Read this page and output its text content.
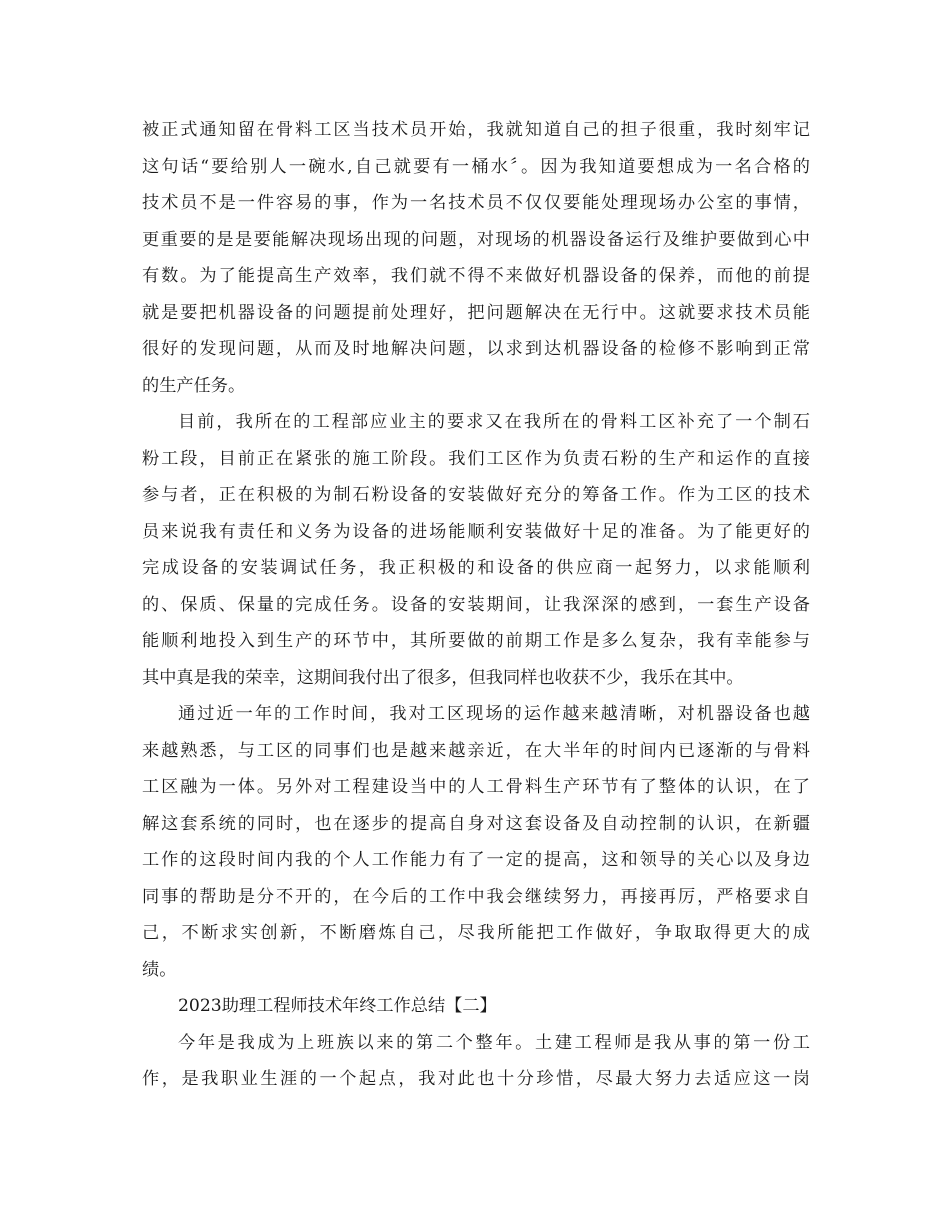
被正式通知留在骨料工区当技术员开始，我就知道自己的担子很重，我时刻牢记
这句话“要给别人一碗水,自己就要有一桶水〞。因为我知道要想成为一名合格的
技术员不是一件容易的事，作为一名技术员不仅仅要能处理现场办公室的事情，
更重要的是是要能解决现场出现的问题，对现场的机器设备运行及维护要做到心中
有数。为了能提高生产效率，我们就不得不来做好机器设备的保养，而他的前提
就是要把机器设备的问题提前处理好，把问题解决在无行中。这就要求技术员能
很好的发现问题，从而及时地解决问题，以求到达机器设备的检修不影响到正常
的生产任务。
目前，我所在的工程部应业主的要求又在我所在的骨料工区补充了一个制石
粉工段，目前正在紧张的施工阶段。我们工区作为负责石粉的生产和运作的直接
参与者，正在积极的为制石粉设备的安装做好充分的筹备工作。作为工区的技术
员来说我有责任和义务为设备的进场能顺利安装做好十足的准备。为了能更好的
完成设备的安装调试任务，我正积极的和设备的供应商一起努力，以求能顺利
的、保质、保量的完成任务。设备的安装期间，让我深深的感到，一套生产设备
能顺利地投入到生产的环节中，其所要做的前期工作是多么复杂，我有幸能参与
其中真是我的荣幸，这期间我付出了很多，但我同样也收获不少，我乐在其中。
通过近一年的工作时间，我对工区现场的运作越来越清晰，对机器设备也越
来越熟悉，与工区的同事们也是越来越亲近，在大半年的时间内已逐渐的与骨料
工区融为一体。另外对工程建设当中的人工骨料生产环节有了整体的认识，在了
解这套系统的同时，也在逐步的提高自身对这套设备及自动控制的认识，在新疆
工作的这段时间内我的个人工作能力有了一定的提高，这和领导的关心以及身边
同事的帮助是分不开的，在今后的工作中我会继续努力，再接再厉，严格要求自
己，不断求实创新，不断磨炼自己，尽我所能把工作做好，争取取得更大的成
绩。
2023助理工程师技术年终工作总结【二】
今年是我成为上班族以来的第二个整年。土建工程师是我从事的第一份工
作，是我职业生涯的一个起点，我对此也十分珍惜，尽最大努力去适应这一岗
